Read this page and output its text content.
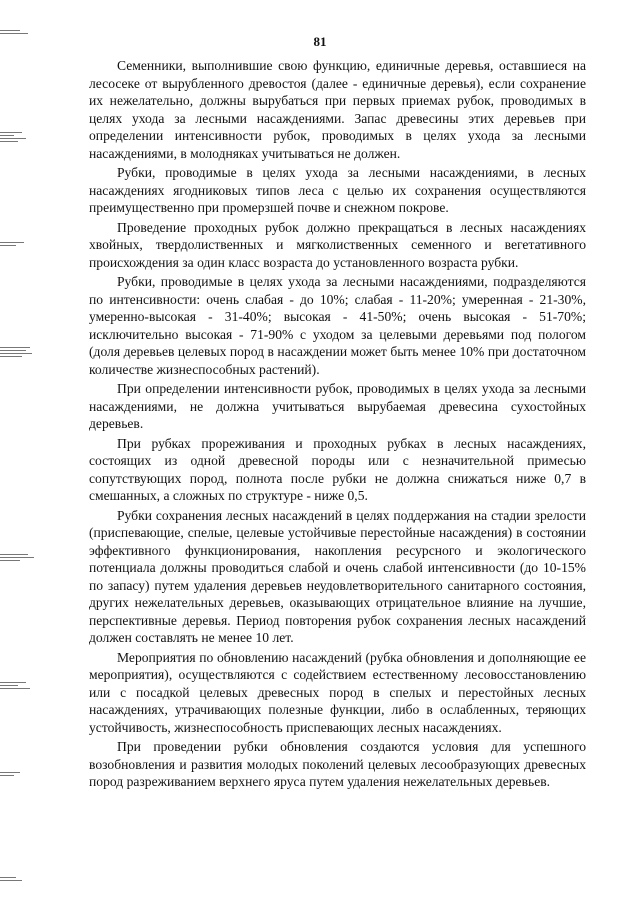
81

Семенники, выполнившие свою функцию, единичные деревья, оставшиеся на лесосеке от вырубленного древостоя (далее - единичные деревья), если сохранение их нежелательно, должны вырубаться при первых приемах рубок, проводимых в целях ухода за лесными насаждениями. Запас древесины этих деревьев при определении интенсивности рубок, проводимых в целях ухода за лесными насаждениями, в молодняках учитываться не должен.

Рубки, проводимые в целях ухода за лесными насаждениями, в лесных насаждениях ягодниковых типов леса с целью их сохранения осуществляются преимущественно при промерзшей почве и снежном покрове.

Проведение проходных рубок должно прекращаться в лесных насаждениях хвойных, твердолиственных и мягколиственных семенного и вегетативного происхождения за один класс возраста до установленного возраста рубки.

Рубки, проводимые в целях ухода за лесными насаждениями, подразделяются по интенсивности: очень слабая - до 10%; слабая - 11-20%; умеренная - 21-30%, умеренно-высокая - 31-40%; высокая - 41-50%; очень высокая - 51-70%; исключительно высокая - 71-90% с уходом за целевыми деревьями под пологом (доля деревьев целевых пород в насаждении может быть менее 10% при достаточном количестве жизнеспособных растений).

При определении интенсивности рубок, проводимых в целях ухода за лесными насаждениями, не должна учитываться вырубаемая древесина сухостойных деревьев.

При рубках прореживания и проходных рубках в лесных насаждениях, состоящих из одной древесной породы или с незначительной примесью сопутствующих пород, полнота после рубки не должна снижаться ниже 0,7 в смешанных, а сложных по структуре - ниже 0,5.

Рубки сохранения лесных насаждений в целях поддержания на стадии зрелости (приспевающие, спелые, целевые устойчивые перестойные насаждения) в состоянии эффективного функционирования, накопления ресурсного и экологического потенциала должны проводиться слабой и очень слабой интенсивности (до 10-15% по запасу) путем удаления деревьев неудовлетворительного санитарного состояния, других нежелательных деревьев, оказывающих отрицательное влияние на лучшие, перспективные деревья. Период повторения рубок сохранения лесных насаждений должен составлять не менее 10 лет.

Мероприятия по обновлению насаждений (рубка обновления и дополняющие ее мероприятия), осуществляются с содействием естественному лесовосстановлению или с посадкой целевых древесных пород в спелых и перестойных лесных насаждениях, утрачивающих полезные функции, либо в ослабленных, теряющих устойчивость, жизнеспособность приспевающих лесных насаждениях.

При проведении рубки обновления создаются условия для успешного возобновления и развития молодых поколений целевых лесообразующих древесных пород разреживанием верхнего яруса путем удаления нежелательных деревьев.
